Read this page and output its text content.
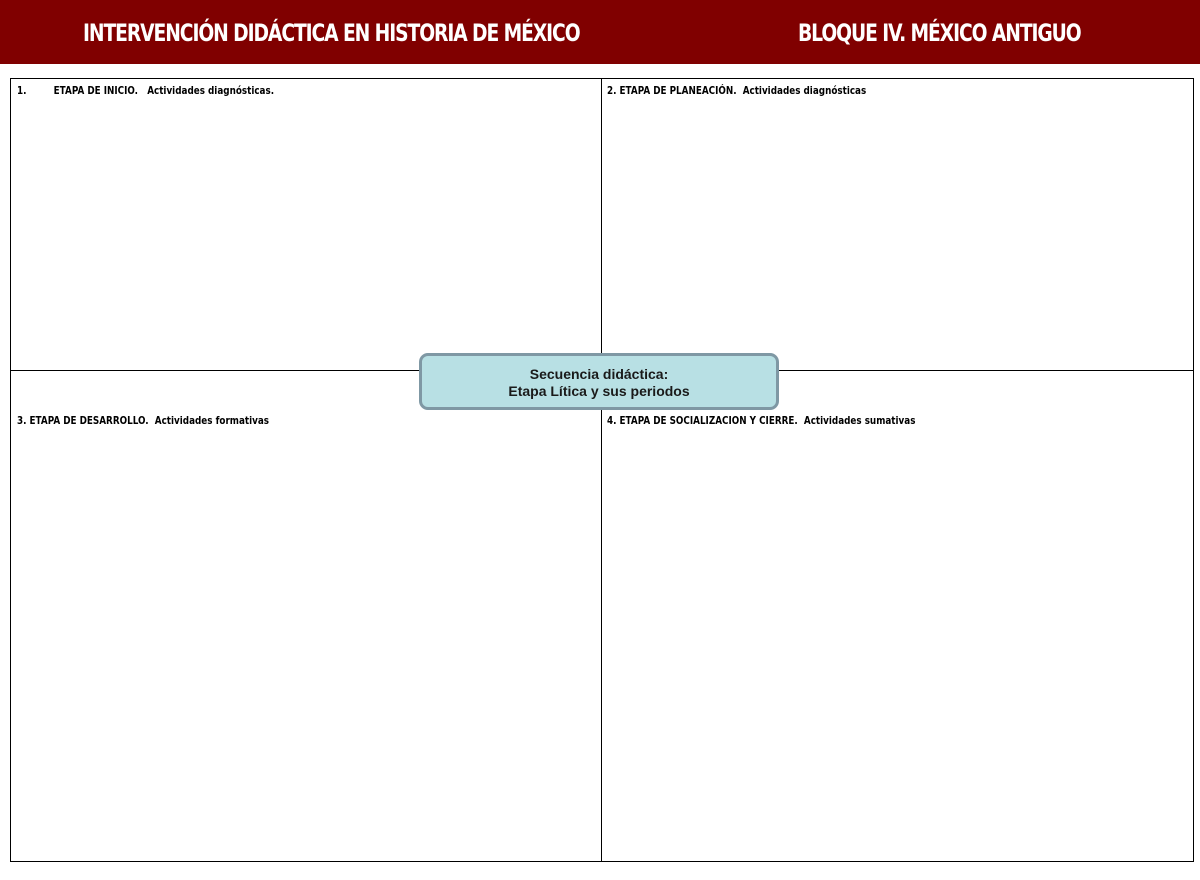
INTERVENCIÓN DIDÁCTICA EN HISTORIA DE MÉXICO	BLOQUE IV. MÉXICO ANTIGUO
1. ETAPA DE INICIO. Actividades diagnósticas.	2. ETAPA DE PLANEACIÓN. Actividades diagnósticas
3. ETAPA DE DESARROLLO. Actividades formativas	4. ETAPA DE SOCIALIZACION Y CIERRE. Actividades sumativas
Secuencia didáctica:
Etapa Lítica y sus periodos
